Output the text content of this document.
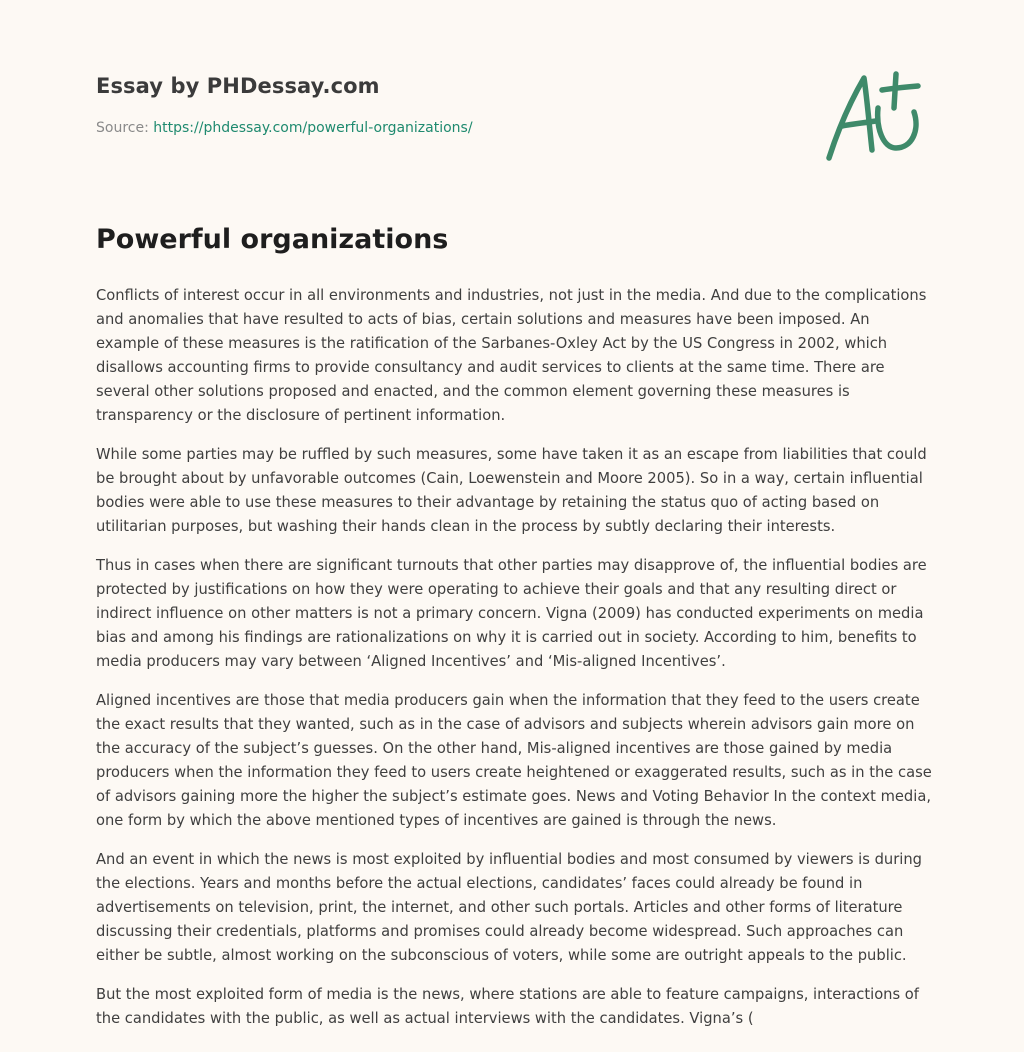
Essay by PHDessay.com
Source: https://phdessay.com/powerful-organizations/
Powerful organizations

Conflicts of interest occur in all environments and industries, not just in the media. And due to the complications and anomalies that have resulted to acts of bias, certain solutions and measures have been imposed. An example of these measures is the ratification of the Sarbanes-Oxley Act by the US Congress in 2002, which disallows accounting firms to provide consultancy and audit services to clients at the same time. There are several other solutions proposed and enacted, and the common element governing these measures is transparency or the disclosure of pertinent information.

While some parties may be ruffled by such measures, some have taken it as an escape from liabilities that could be brought about by unfavorable outcomes (Cain, Loewenstein and Moore 2005). So in a way, certain influential bodies were able to use these measures to their advantage by retaining the status quo of acting based on utilitarian purposes, but washing their hands clean in the process by subtly declaring their interests.

Thus in cases when there are significant turnouts that other parties may disapprove of, the influential bodies are protected by justifications on how they were operating to achieve their goals and that any resulting direct or indirect influence on other matters is not a primary concern. Vigna (2009) has conducted experiments on media bias and among his findings are rationalizations on why it is carried out in society. According to him, benefits to media producers may vary between ‘Aligned Incentives’ and ‘Mis-aligned Incentives’.

Aligned incentives are those that media producers gain when the information that they feed to the users create the exact results that they wanted, such as in the case of advisors and subjects wherein advisors gain more on the accuracy of the subject’s guesses. On the other hand, Mis-aligned incentives are those gained by media producers when the information they feed to users create heightened or exaggerated results, such as in the case of advisors gaining more the higher the subject’s estimate goes. News and Voting Behavior In the context media, one form by which the above mentioned types of incentives are gained is through the news.

And an event in which the news is most exploited by influential bodies and most consumed by viewers is during the elections. Years and months before the actual elections, candidates’ faces could already be found in advertisements on television, print, the internet, and other such portals. Articles and other forms of literature discussing their credentials, platforms and promises could already become widespread. Such approaches can either be subtle, almost working on the subconscious of voters, while some are outright appeals to the public.

But the most exploited form of media is the news, where stations are able to feature campaigns, interactions of the candidates with the public, as well as actual interviews with the candidates. Vigna’s (
